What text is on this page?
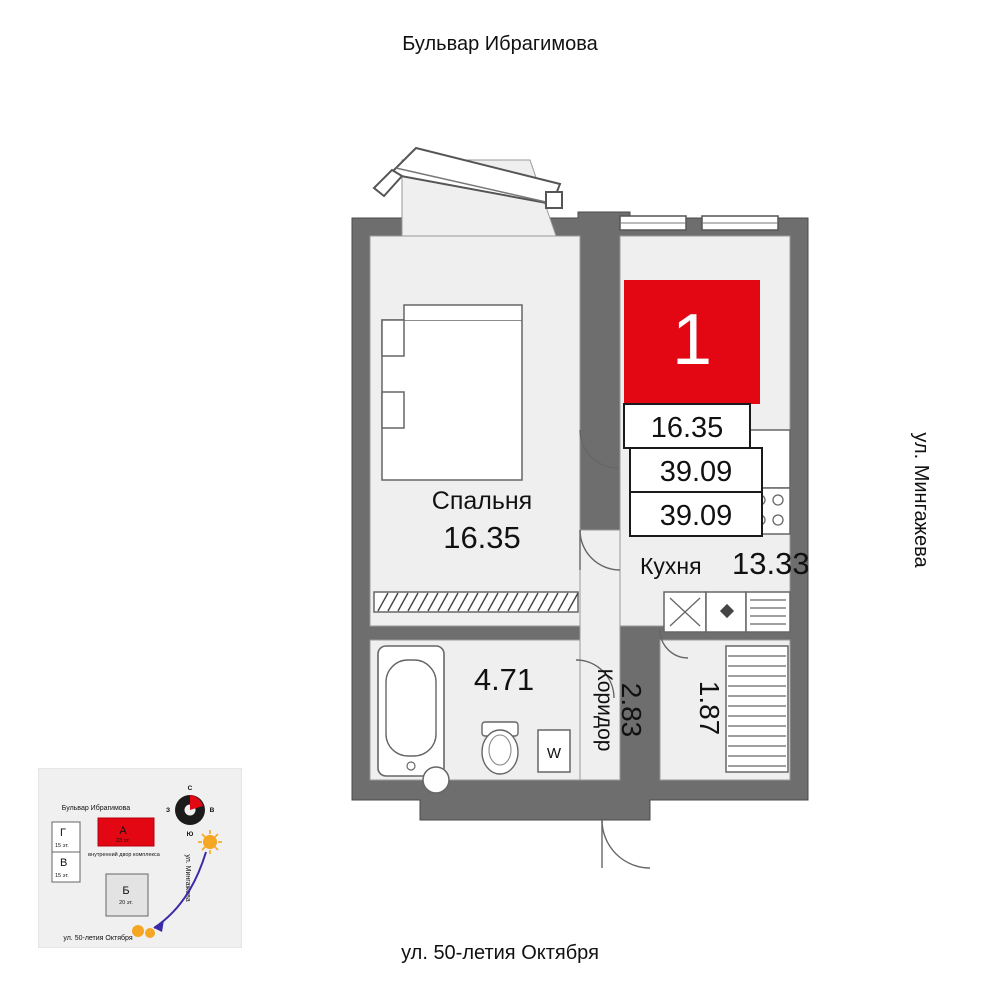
Бульвар Ибрагимова
ул. Мингажева
ул. 50-летия Октября
W
1
16.35
39.09
39.09
Спальня
16.35
Кухня 13.33
4.71	Коридор 2.83 1.87
Бульвар Ибрагимова
ул. 50-летия Октября
ул. Мингажева
С
В
Ю
З
Г
15 эт.
В
15 эт.
А
23 эт.
Б
20 эт.
внутренний двор комплекса
